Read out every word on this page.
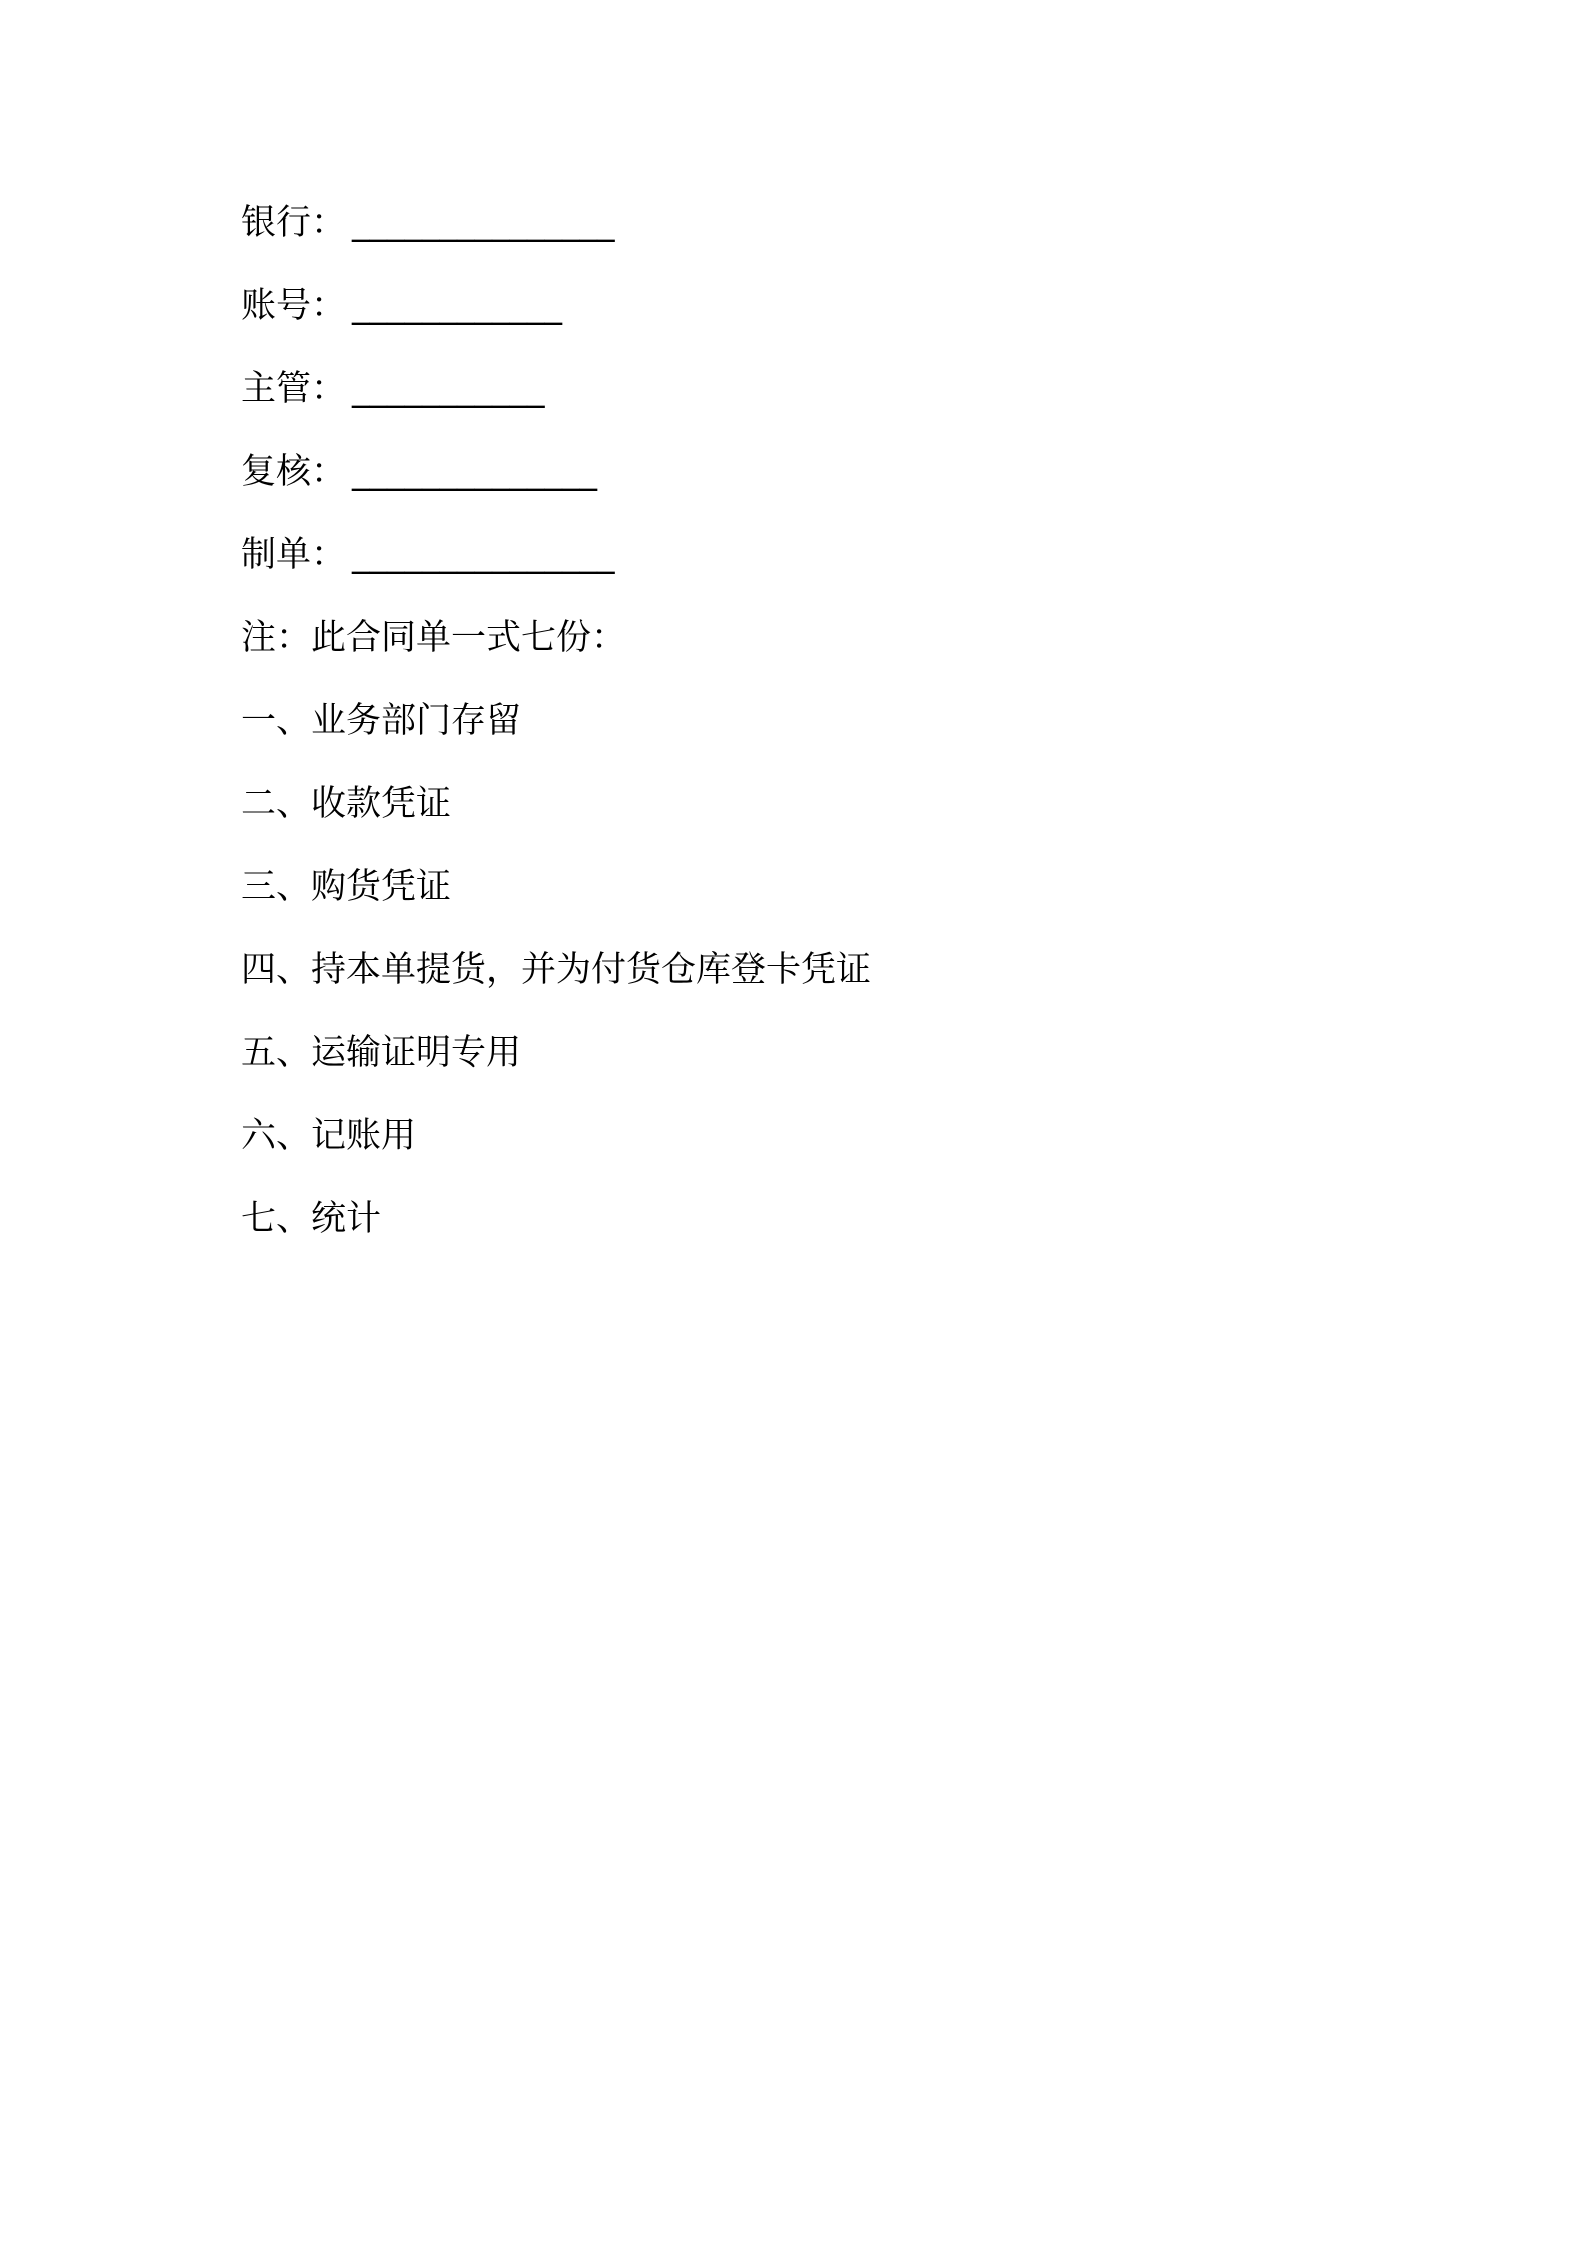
银行： _______________
账号： ____________
主管： ___________
复核： ______________
制单： _______________
注：此合同单一式七份：
一、业务部门存留
二、收款凭证
三、购货凭证
四、持本单提货，并为付货仓库登卡凭证
五、运输证明专用
六、记账用
七、统计
